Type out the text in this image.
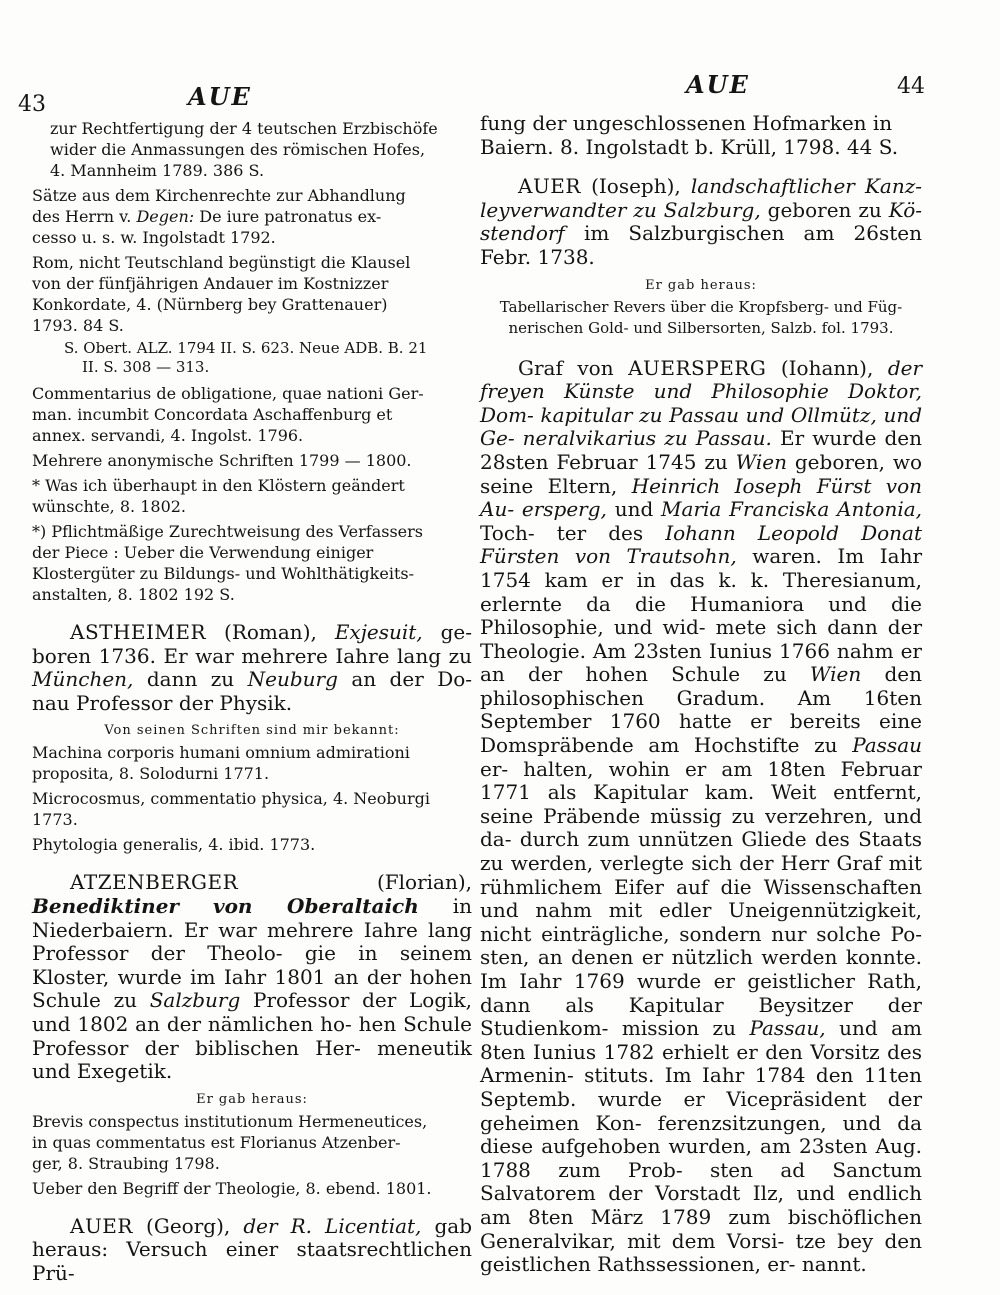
43	AUE	AUE	44
zur Rechtfertigung der 4 teutschen Erzbischöfe
wider die Anmassungen des römischen Hofes,
4. Mannheim 1789. 386 S.
Sätze aus dem Kirchenrechte zur Abhandlung
des Herrn v. Degen: De iure patronatus ex-
cesso u. s. w. Ingolstadt 1792.
Rom, nicht Teutschland begünstigt die Klausel
von der fünfjährigen Andauer im Kostnizzer
Konkordate, 4. (Nürnberg bey Grattenauer)
1793. 84 S.
S. Obert. ALZ. 1794 II. S. 623. Neue ADB. B. 21
II. S. 308 — 313.
Commentarius de obligatione, quae nationi Ger-
man. incumbit Concordata Aschaffenburg et
annex. servandi, 4. Ingolst. 1796.
Mehrere anonymische Schriften 1799 — 1800.
* Was ich überhaupt in den Klöstern geändert
wünschte, 8. 1802.
*) Pflichtmäßige Zurechtweisung des Verfassers
der Piece : Ueber die Verwendung einiger
Klostergüter zu Bildungs- und Wohlthätigkeits-
anstalten, 8. 1802 192 S.
ASTHEIMER (Roman), Exjesuit, ge- boren 1736. Er war mehrere Iahre lang zu München, dann zu Neuburg an der Do- nau Professor der Physik.
Von seinen Schriften sind mir bekannt:
Machina corporis humani omnium admirationi
proposita, 8. Solodurni 1771.
Microcosmus, commentatio physica, 4. Neoburgi
1773.
Phytologia generalis, 4. ibid. 1773.
ATZENBERGER	(Florian), Benediktiner von Oberaltaich in Niederbaiern. Er war mehrere Iahre lang Professor der Theolo- gie in seinem Kloster, wurde im Iahr 1801 an der hohen Schule zu Salzburg Professor der Logik, und 1802 an der nämlichen ho- hen Schule Professor der biblischen Her- meneutik und Exegetik.
Er gab heraus:
Brevis conspectus institutionum Hermeneutices,
in quas commentatus est Florianus Atzenber-
ger, 8. Straubing 1798.
Ueber den Begriff der Theologie, 8. ebend. 1801.
AUER (Georg), der R. Licentiat, gab heraus: Versuch einer staatsrechtlichen Prü-
fung der ungeschlossenen Hofmarken in
Baiern. 8. Ingolstadt b. Krüll, 1798. 44 S.
AUER (Ioseph), landschaftlicher Kanz- leyverwandter zu Salzburg, geboren zu Kö- stendorf im Salzburgischen am 26sten Febr. 1738.
Er gab heraus:
Tabellarischer Revers über die Kropfsberg- und Füg-
nerischen Gold- und Silbersorten, Salzb. fol. 1793.
Graf von AUERSPERG (Iohann), der freyen Künste und Philosophie Doktor, Dom- kapitular zu Passau und Ollmütz, und Ge- neralvikarius zu Passau. Er wurde den 28sten Februar 1745 zu Wien geboren, wo seine Eltern, Heinrich Ioseph Fürst von Au- ersperg, und Maria Franciska Antonia, Toch- ter des Iohann Leopold Donat Fürsten von Trautsohn, waren. Im Iahr 1754 kam er in das k. k. Theresianum, erlernte da die Humaniora und die Philosophie, und wid- mete sich dann der Theologie. Am 23sten Iunius 1766 nahm er an der hohen Schule zu Wien den philosophischen Gradum. Am 16ten September 1760 hatte er bereits eine Domspräbende am Hochstifte zu Passau er- halten, wohin er am 18ten Februar 1771 als Kapitular kam. Weit entfernt, seine Präbende müssig zu verzehren, und da- durch zum unnützen Gliede des Staats zu werden, verlegte sich der Herr Graf mit rühmlichem Eifer auf die Wissenschaften und nahm mit edler Uneigennützigkeit, nicht einträgliche, sondern nur solche Po- sten, an denen er nützlich werden konnte. Im Iahr 1769 wurde er geistlicher Rath, dann als Kapitular Beysitzer der Studienkom- mission zu Passau, und am 8ten Iunius 1782 erhielt er den Vorsitz des Armenin- stituts. Im Iahr 1784 den 11ten Septemb. wurde er Vicepräsident der geheimen Kon- ferenzsitzungen, und da diese aufgehoben wurden, am 23sten Aug. 1788 zum Prob- sten ad Sanctum Salvatorem der Vorstadt Ilz, und endlich am 8ten März 1789 zum bischöflichen Generalvikar, mit dem Vorsi- tze bey den geistlichen Rathssessionen, er- nannt.
